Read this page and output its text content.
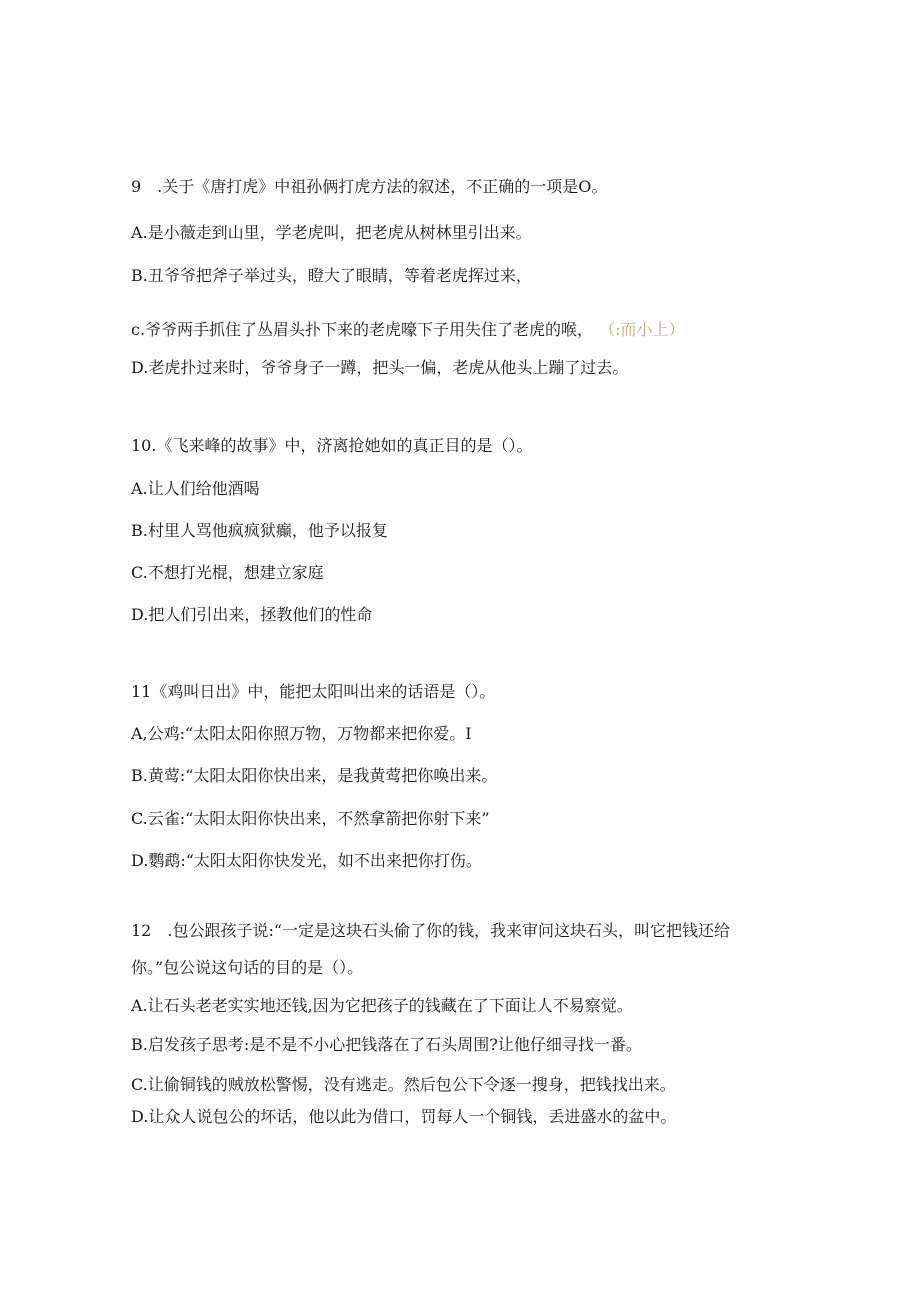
9　.关于《唐打虎》中祖孙俩打虎方法的叙述，不正确的一项是O。
A.是小薇走到山里，学老虎叫，把老虎从树林里引出来。
B.丑爷爷把斧子举过头，瞪大了眼睛，等着老虎挥过来，
c.爷爷两手抓住了丛眉头扑下来的老虎嚎下子用失住了老虎的喉， （:而小上）
D.老虎扑过来时，爷爷身子一蹲，把头一偏，老虎从他头上蹦了过去。
10.《飞来峰的故事》中，济离抢她如的真正目的是（）。
A.让人们给他酒喝
B.村里人骂他疯疯狱癫，他予以报复
C.不想打光棍，想建立家庭
D.把人们引出来，拯教他们的性命
11《鸡叫日出》中，能把太阳叫出来的话语是（）。
A,公鸡:“太阳太阳你照万物，万物都来把你爱。I
B.黄莺:“太阳太阳你快出来，是我黄莺把你唤出来。
C.云雀:“太阳太阳你快出来，不然拿箭把你射下来”
D.鹦鹉:“太阳太阳你快发光，如不出来把你打伤。
12　.包公跟孩子说:“一定是这块石头偷了你的钱，我来审问这块石头，叫它把钱还给
你。”包公说这句话的目的是（）。
A.让石头老老实实地还钱,因为它把孩子的钱藏在了下面让人不易察觉。
B.启发孩子思考:是不是不小心把钱落在了石头周围?让他仔细寻找一番。
C.让偷铜钱的贼放松警惕，没有逃走。然后包公下令逐一搜身，把钱找出来。
D.让众人说包公的坏话，他以此为借口，罚每人一个铜钱，丢进盛水的盆中。
